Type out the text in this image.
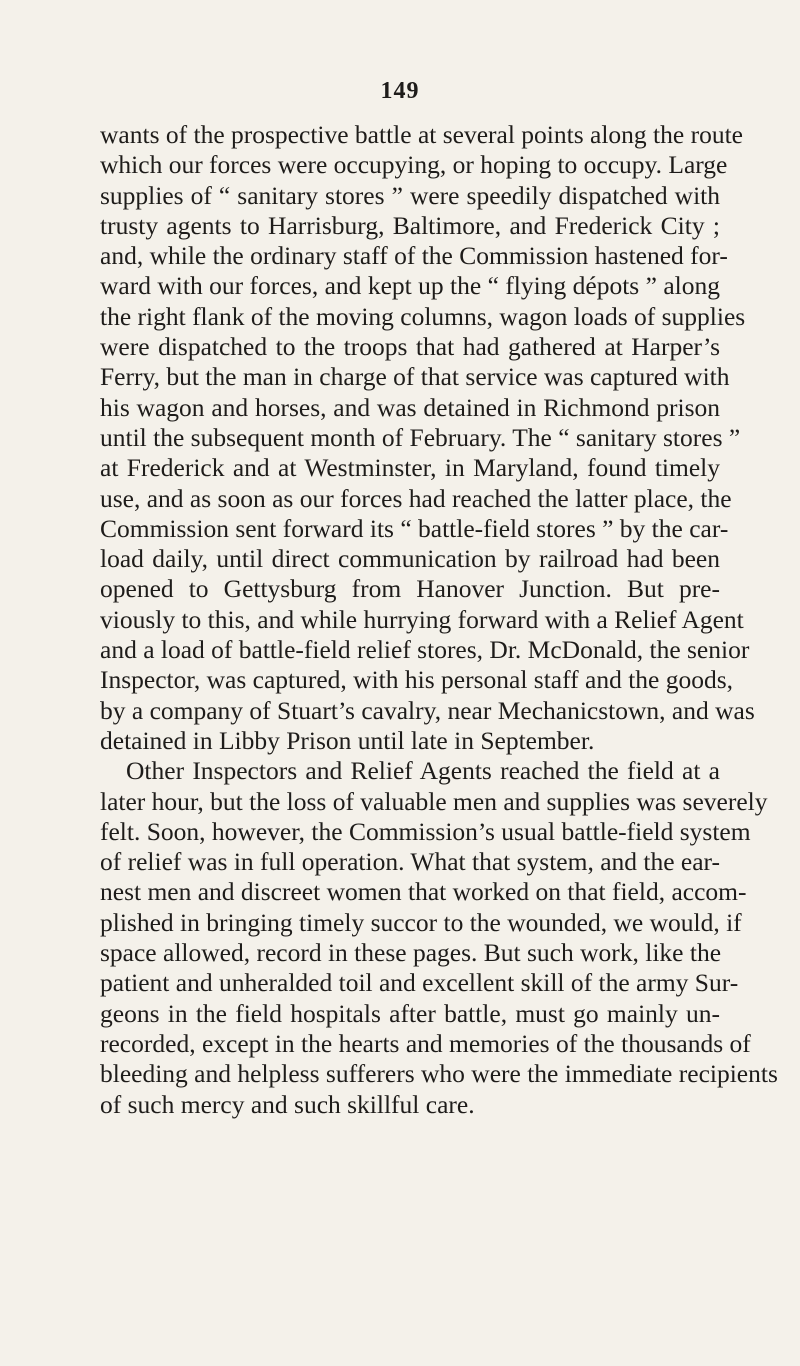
149
wants of the prospective battle at several points along the route
which our forces were occupying, or hoping to occupy. Large
supplies of “ sanitary stores ” were speedily dispatched with
trusty agents to Harrisburg, Baltimore, and Frederick City ;
and, while the ordinary staff of the Commission hastened for-
ward with our forces, and kept up the “ flying dépots ” along
the right flank of the moving columns, wagon loads of supplies
were dispatched to the troops that had gathered at Harper’s
Ferry, but the man in charge of that service was captured with
his wagon and horses, and was detained in Richmond prison
until the subsequent month of February. The “ sanitary stores ”
at Frederick and at Westminster, in Maryland, found timely
use, and as soon as our forces had reached the latter place, the
Commission sent forward its “ battle-field stores ” by the car-
load daily, until direct communication by railroad had been
opened to Gettysburg from Hanover Junction. But pre-
viously to this, and while hurrying forward with a Relief Agent
and a load of battle-field relief stores, Dr. McDonald, the senior
Inspector, was captured, with his personal staff and the goods,
by a company of Stuart’s cavalry, near Mechanicstown, and was
detained in Libby Prison until late in September.
Other Inspectors and Relief Agents reached the field at a
later hour, but the loss of valuable men and supplies was severely
felt. Soon, however, the Commission’s usual battle-field system
of relief was in full operation. What that system, and the ear-
nest men and discreet women that worked on that field, accom-
plished in bringing timely succor to the wounded, we would, if
space allowed, record in these pages. But such work, like the
patient and unheralded toil and excellent skill of the army Sur-
geons in the field hospitals after battle, must go mainly un-
recorded, except in the hearts and memories of the thousands of
bleeding and helpless sufferers who were the immediate recipients
of such mercy and such skillful care.
